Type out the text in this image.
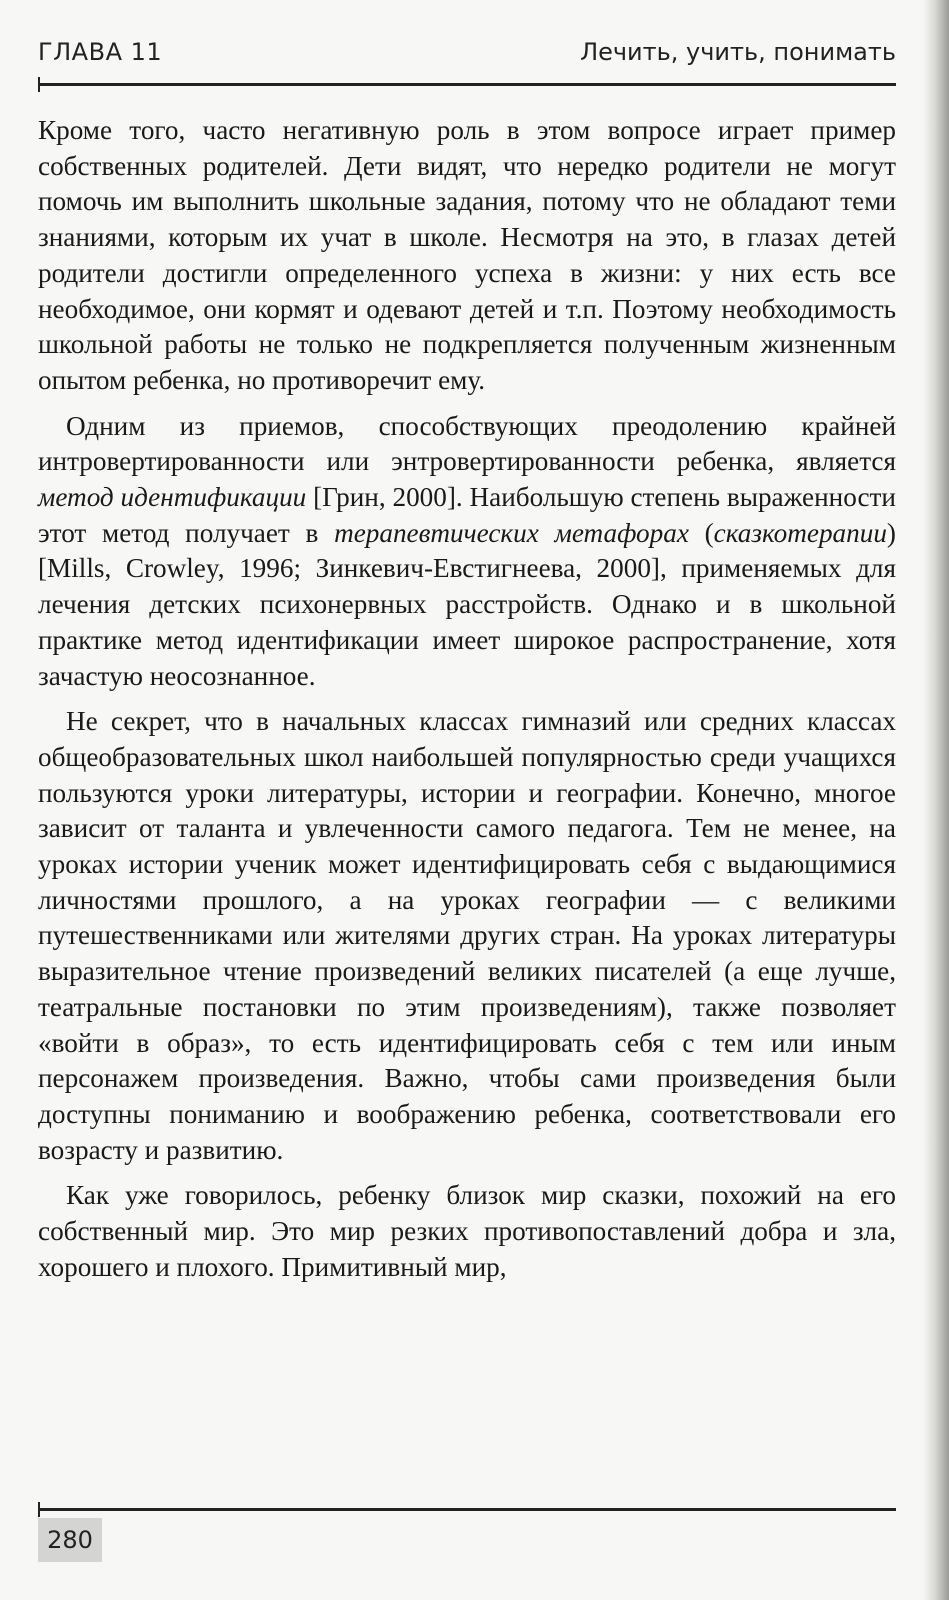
ГЛАВА 11	Лечить, учить, понимать

Кроме того, часто негативную роль в этом вопросе играет пример собственных родителей. Дети видят, что нередко родители не могут помочь им выполнить школьные задания, потому что не обладают теми знаниями, которым их учат в школе. Несмотря на это, в глазах детей родители достигли определенного успеха в жизни: у них есть все необходимое, они кормят и одевают детей и т.п. Поэтому необходимость школьной работы не только не подкрепляется полученным жизненным опытом ребенка, но противоречит ему.

Одним из приемов, способствующих преодолению крайней интровертированности или энтровертированности ребенка, является метод идентификации [Грин, 2000]. Наибольшую степень выраженности этот метод получает в терапевтических метафорах (сказкотерапии) [Mills, Crowley, 1996; Зинкевич-Евстигнеева, 2000], применяемых для лечения детских психонервных расстройств. Однако и в школьной практике метод идентификации имеет широкое распространение, хотя зачастую неосознанное.

Не секрет, что в начальных классах гимназий или средних классах общеобразовательных школ наибольшей популярностью среди учащихся пользуются уроки литературы, истории и географии. Конечно, многое зависит от таланта и увлеченности самого педагога. Тем не менее, на уроках истории ученик может идентифицировать себя с выдающимися личностями прошлого, а на уроках географии — с великими путешественниками или жителями других стран. На уроках литературы выразительное чтение произведений великих писателей (а еще лучше, театральные постановки по этим произведениям), также позволяет «войти в образ», то есть идентифицировать себя с тем или иным персонажем произведения. Важно, чтобы сами произведения были доступны пониманию и воображению ребенка, соответствовали его возрасту и развитию.

Как уже говорилось, ребенку близок мир сказки, похожий на его собственный мир. Это мир резких противопоставлений добра и зла, хорошего и плохого. Примитивный мир,

280
